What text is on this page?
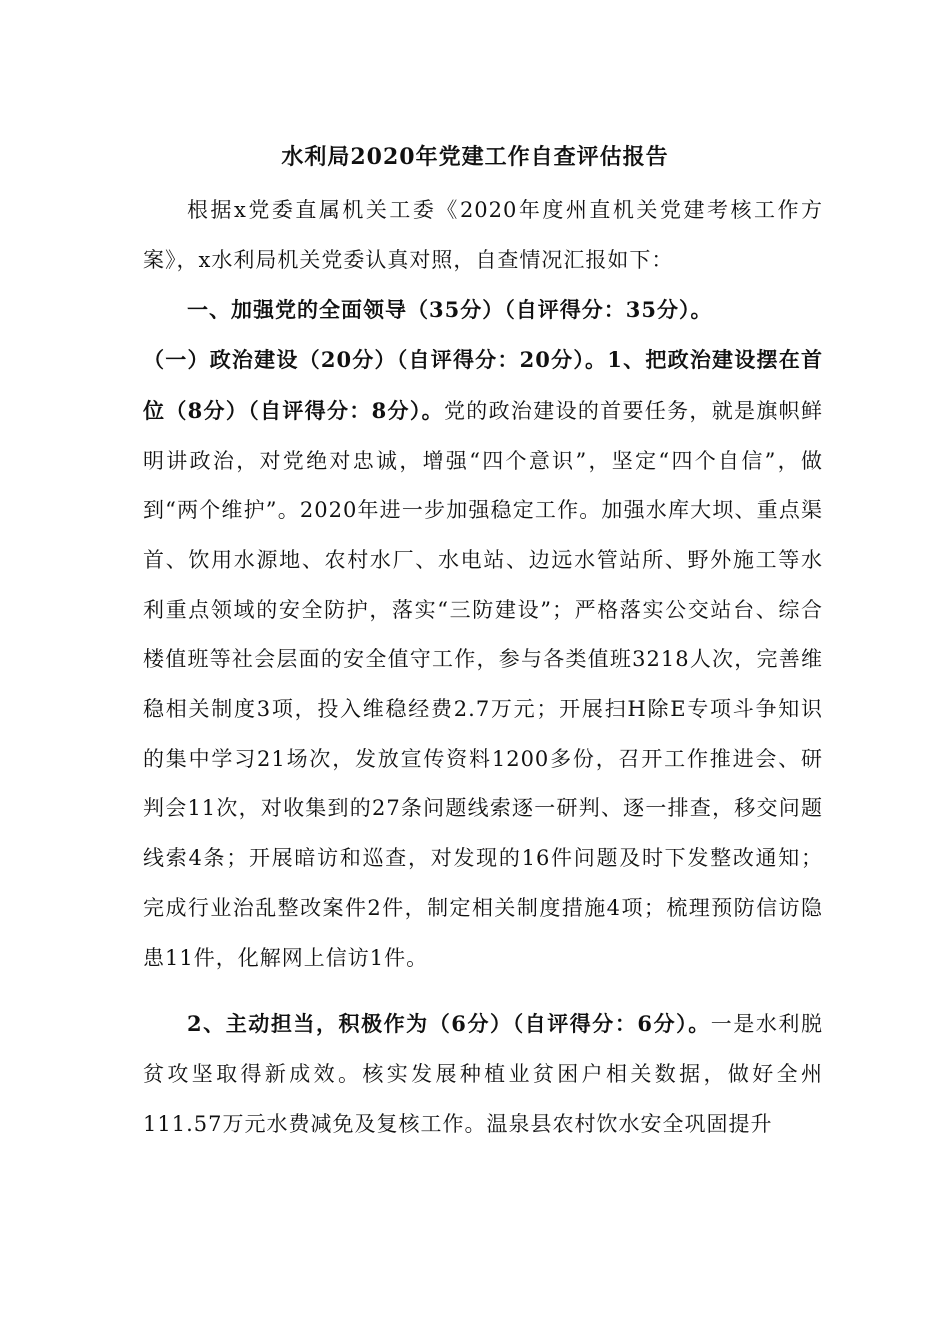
水利局2020年党建工作自查评估报告

根据x党委直属机关工委《2020年度州直机关党建考核工作方案》，x水利局机关党委认真对照，自查情况汇报如下：

一、加强党的全面领导（35分）（自评得分：35分）。

（一）政治建设（20分）（自评得分：20分）。1、把政治建设摆在首位（8分）（自评得分：8分）。党的政治建设的首要任务，就是旗帜鲜明讲政治，对党绝对忠诚，增强“四个意识”，坚定“四个自信”，做到“两个维护”。2020年进一步加强稳定工作。加强水库大坝、重点渠首、饮用水源地、农村水厂、水电站、边远水管站所、野外施工等水利重点领域的安全防护，落实“三防建设”；严格落实公交站台、综合楼值班等社会层面的安全值守工作，参与各类值班3218人次，完善维稳相关制度3项，投入维稳经费2.7万元；开展扫H除E专项斗争知识的集中学习21场次，发放宣传资料1200多份，召开工作推进会、研判会11次，对收集到的27条问题线索逐一研判、逐一排查，移交问题线索4条；开展暗访和巡查，对发现的16件问题及时下发整改通知；完成行业治乱整改案件2件，制定相关制度措施4项；梳理预防信访隐患11件，化解网上信访1件。

2、主动担当，积极作为（6分）（自评得分：6分）。一是水利脱贫攻坚取得新成效。核实发展种植业贫困户相关数据，做好全州111.57万元水费减免及复核工作。温泉县农村饮水安全巩固提升
